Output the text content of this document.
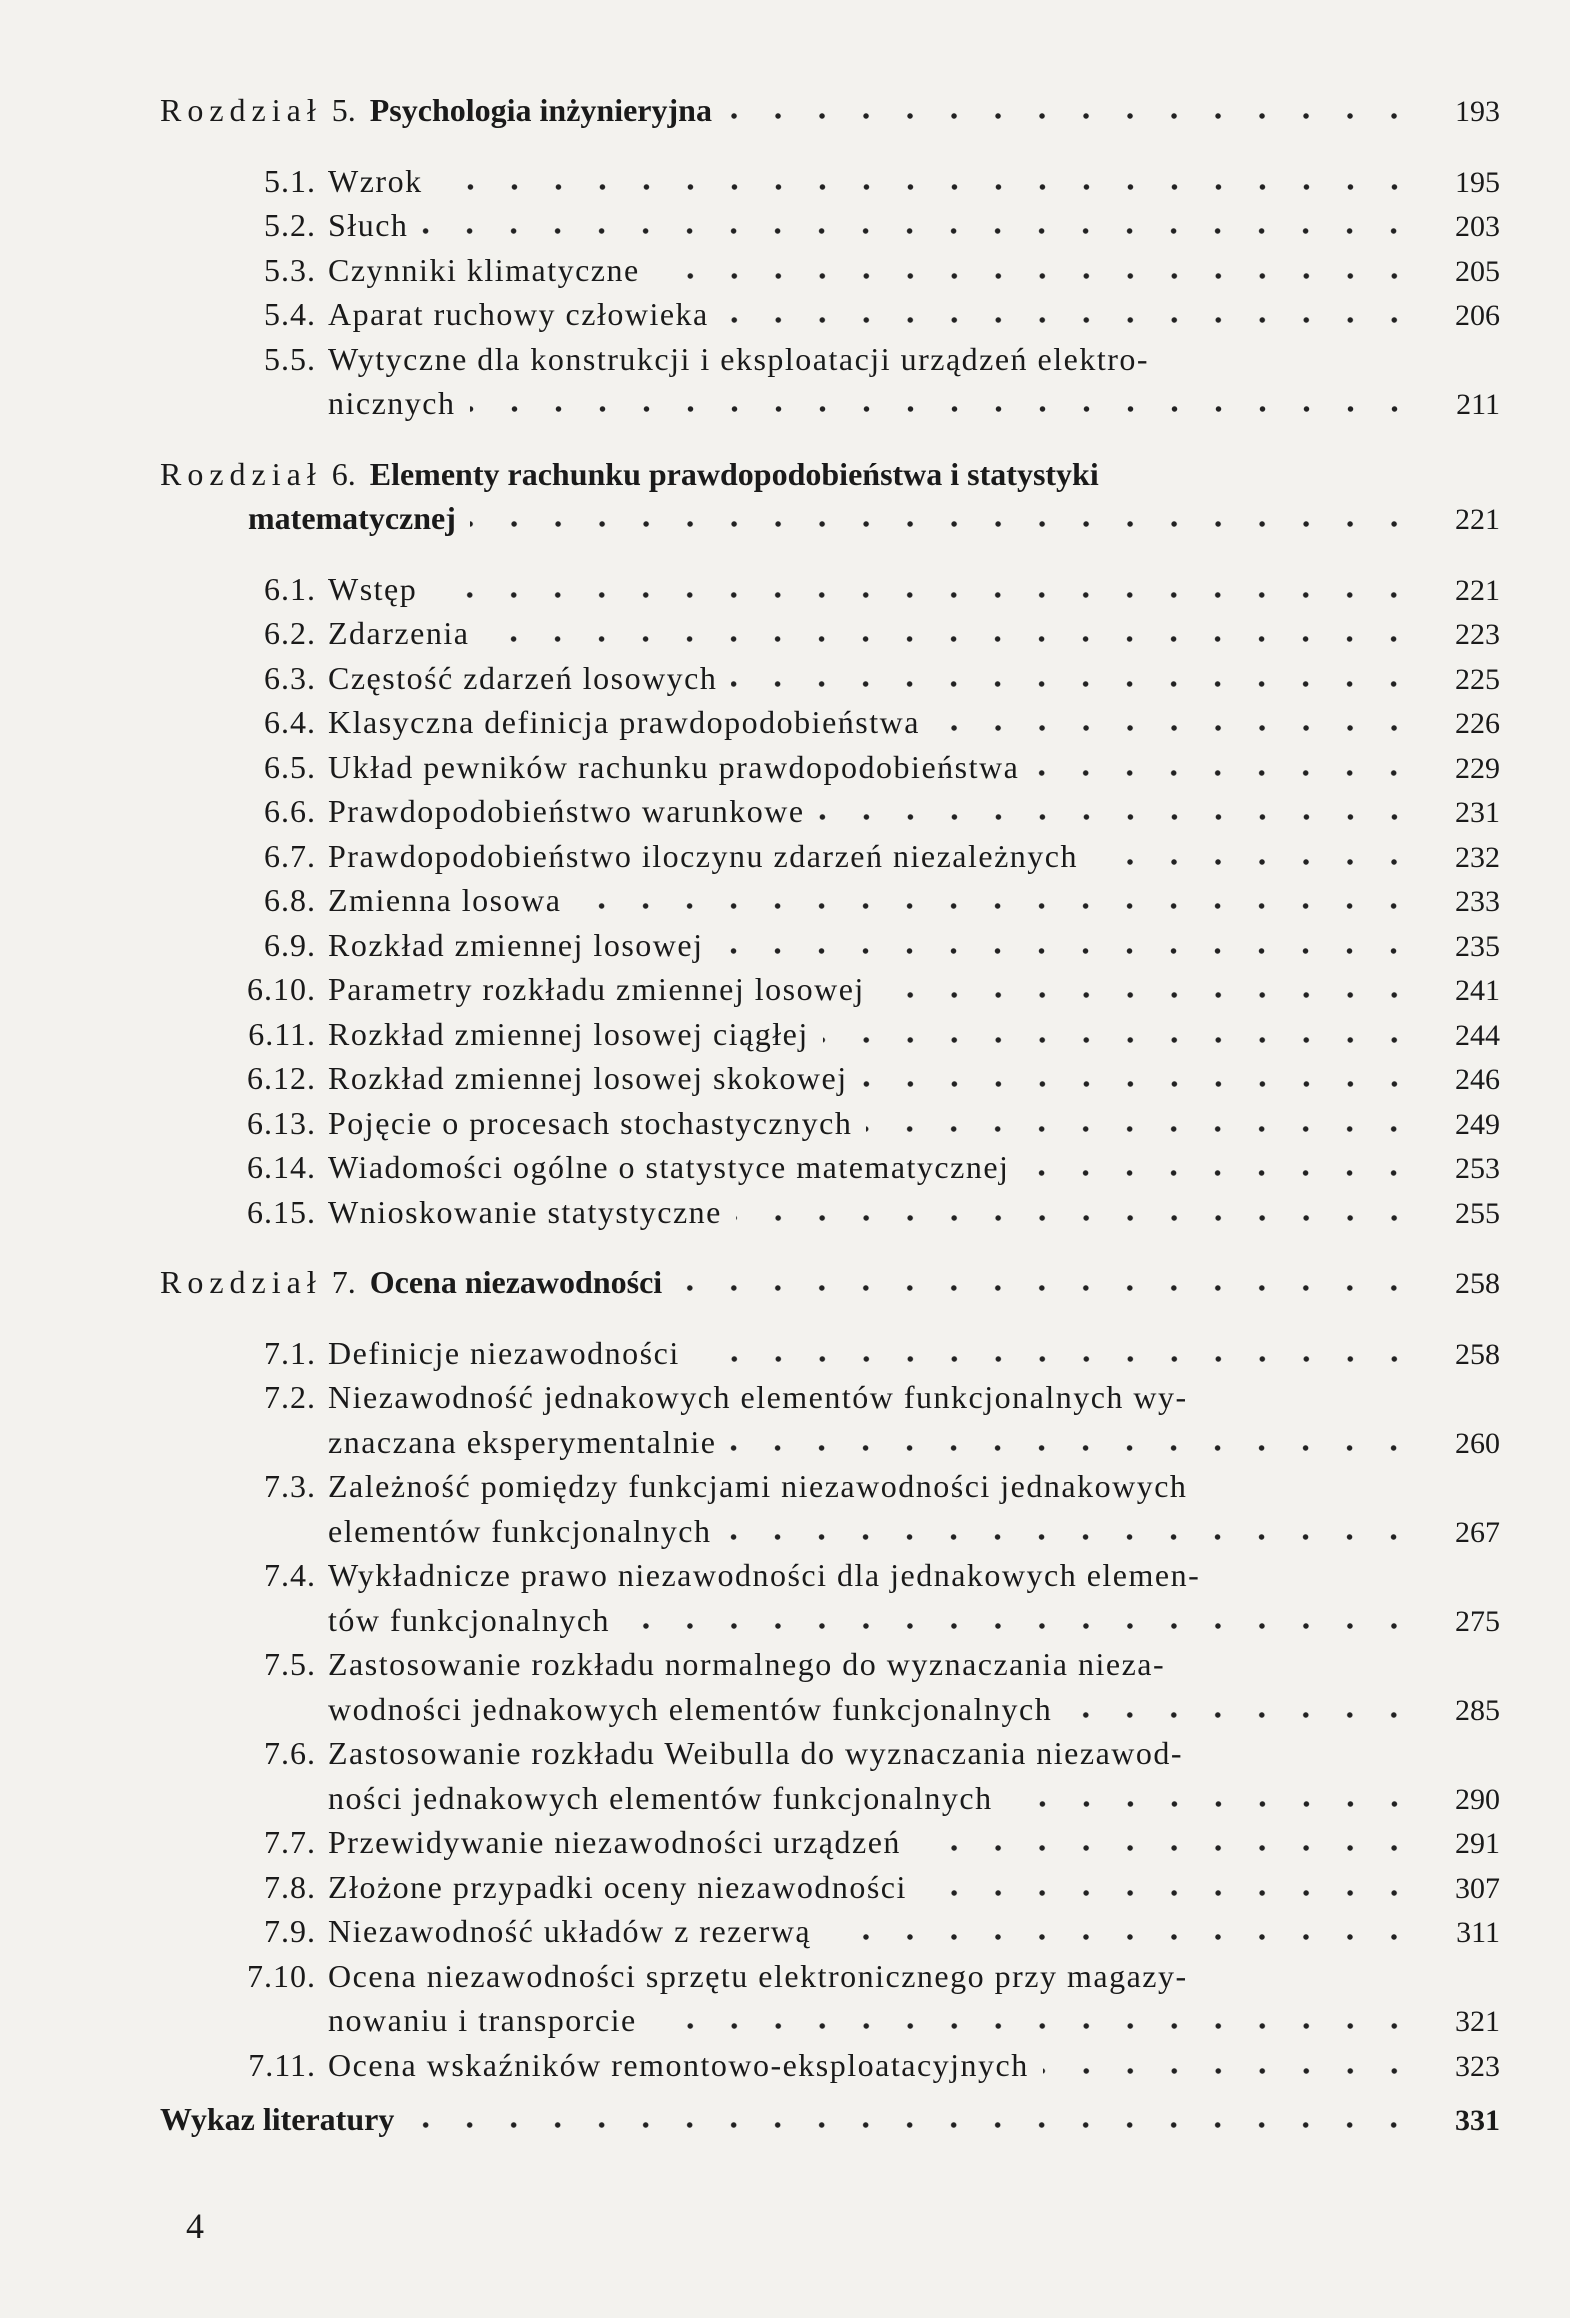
Rozdział 5. Psychologia inżynieryjna	193
5.1. Wzrok	195
5.2. Słuch	203
5.3. Czynniki klimatyczne	205
5.4. Aparat ruchowy człowieka	206
5.5. Wytyczne dla konstrukcji i eksploatacji urządzeń elektro-
nicznych	211
Rozdział 6. Elementy rachunku prawdopodobieństwa i statystyki
matematycznej	221
6.1. Wstęp	221
6.2. Zdarzenia	223
6.3. Częstość zdarzeń losowych	225
6.4. Klasyczna definicja prawdopodobieństwa	226
6.5. Układ pewników rachunku prawdopodobieństwa	229
6.6. Prawdopodobieństwo warunkowe	231
6.7. Prawdopodobieństwo iloczynu zdarzeń niezależnych	232
6.8. Zmienna losowa	233
6.9. Rozkład zmiennej losowej	235
6.10. Parametry rozkładu zmiennej losowej	241
6.11. Rozkład zmiennej losowej ciągłej	244
6.12. Rozkład zmiennej losowej skokowej	246
6.13. Pojęcie o procesach stochastycznych	249
6.14. Wiadomości ogólne o statystyce matematycznej	253
6.15. Wnioskowanie statystyczne	255
Rozdział 7. Ocena niezawodności	258
7.1. Definicje niezawodności	258
7.2. Niezawodność jednakowych elementów funkcjonalnych wy-
znaczana eksperymentalnie	260
7.3. Zależność pomiędzy funkcjami niezawodności jednakowych
elementów funkcjonalnych	267
7.4. Wykładnicze prawo niezawodności dla jednakowych elemen-
tów funkcjonalnych	275
7.5. Zastosowanie rozkładu normalnego do wyznaczania nieza-
wodności jednakowych elementów funkcjonalnych	285
7.6. Zastosowanie rozkładu Weibulla do wyznaczania niezawod-
ności jednakowych elementów funkcjonalnych	290
7.7. Przewidywanie niezawodności urządzeń	291
7.8. Złożone przypadki oceny niezawodności	307
7.9. Niezawodność układów z rezerwą	311
7.10. Ocena niezawodności sprzętu elektronicznego przy magazy-
nowaniu i transporcie	321
7.11. Ocena wskaźników remontowo-eksploatacyjnych	323
Wykaz literatury	331
4
